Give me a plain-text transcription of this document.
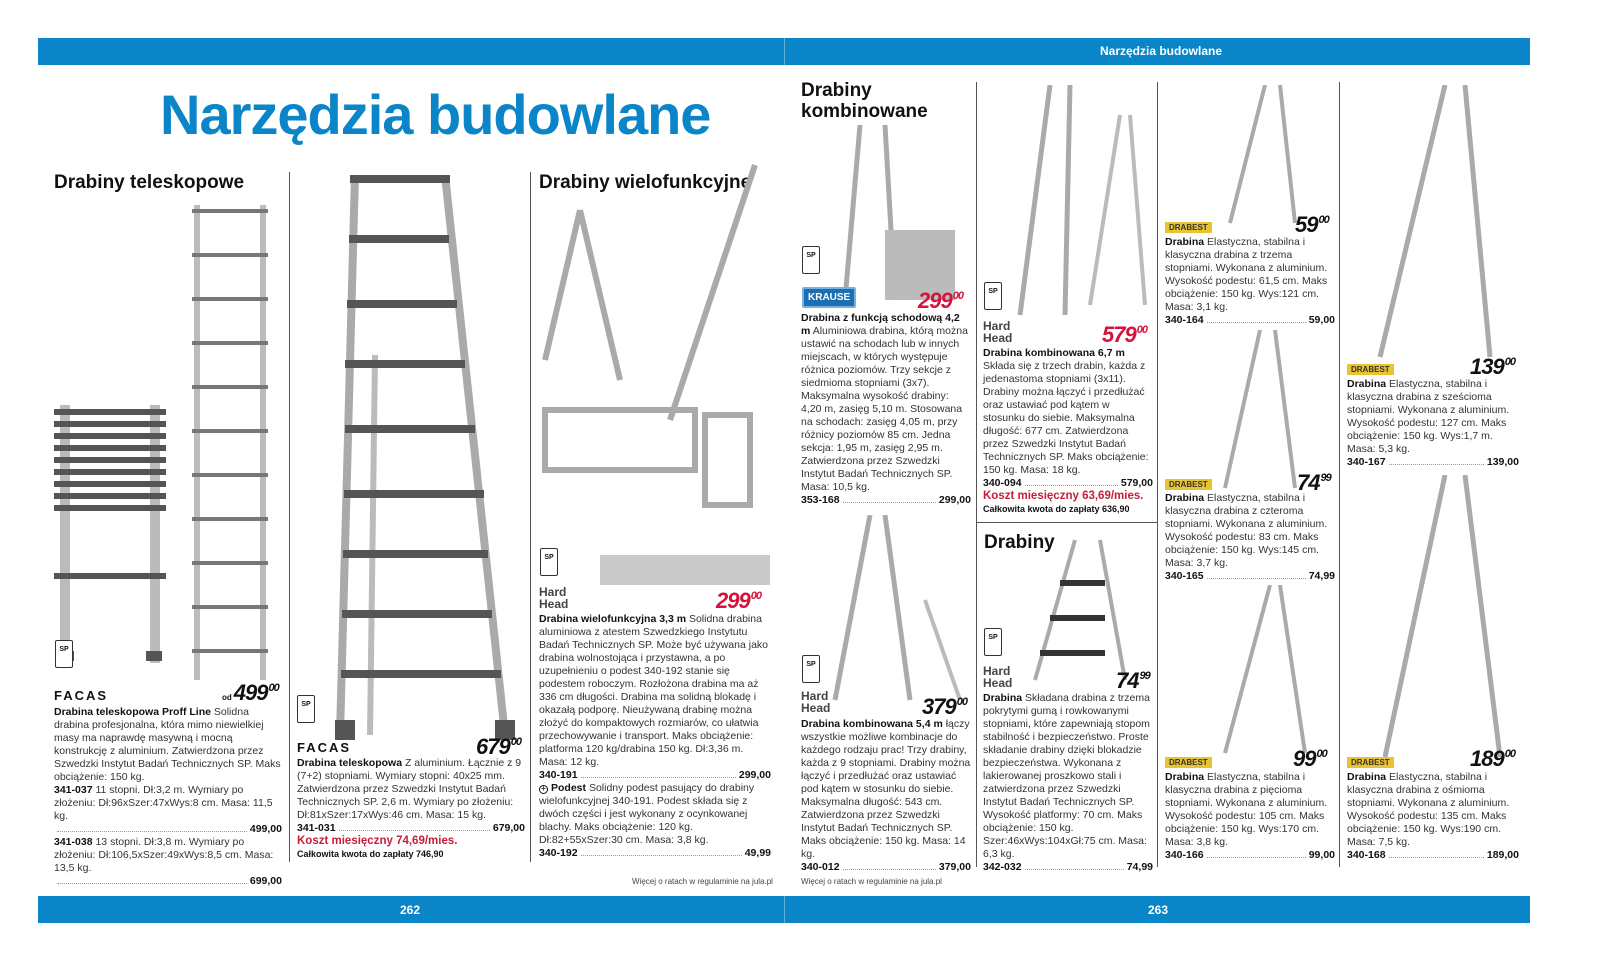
Narzędzia budowlane
Narzędzia budowlane
Drabiny teleskopowe	Drabiny wielofunkcyjne
Drabiny kombinowane
Drabiny
SP
SP
SP
SP
SP
SP
SP
FACAS	$od499^{00}$
Drabina teleskopowa Proff Line Solidna drabina profesjonalna, która mimo niewielkiej masy ma naprawdę masywną i mocną konstrukcję z aluminium. Zatwierdzona przez Szwedzki Instytut Badań Technicznych SP. Maks obciążenie: 150 kg.
341-037 11 stopni. Dł:3,2 m. Wymiary po złożeniu: Dł:96xSzer:47xWys:8 cm. Masa: 11,5 kg.
499,00
341-038 13 stopni. Dł:3,8 m. Wymiary po złożeniu: Dł:106,5xSzer:49xWys:8,5 cm. Masa: 13,5 kg.
699,00
FACAS	$679^{00}$
Drabina teleskopowa Z aluminium. Łącznie z 9 (7+2) stopniami. Wymiary stopni: 40x25 mm. Zatwierdzona przez Szwedzki Instytut Badań Technicznych SP. 2,6 m. Wymiary po złożeniu: Dł:81xSzer:17xWys:46 cm. Masa: 15 kg.
341-031	679,00
Koszt miesięczny 74,69/mies.
Całkowita kwota do zapłaty 746,90
Hard Head	$299^{00}$
Drabina wielofunkcyjna 3,3 m Solidna drabina aluminiowa z atestem Szwedzkiego Instytutu Badań Technicznych SP. Może być używana jako drabina wolnostojąca i przystawna, a po uzupełnieniu o podest 340-192 stanie się podestem roboczym. Rozłożona drabina ma aż 336 cm długości. Drabina ma solidną blokadę i okazałą podporę. Nieużywaną drabinę można złożyć do kompaktowych rozmiarów, co ułatwia przechowywanie i transport. Maks obciążenie: platforma 120 kg/drabina 150 kg. Dł:3,36 m. Masa: 12 kg.
340-191	299,00
+ Podest Solidny podest pasujący do drabiny wielofunkcyjnej 340-191. Podest składa się z dwóch części i jest wykonany z ocynkowanej blachy. Maks obciążenie: 120 kg. Dł:82+55xSzer:30 cm. Masa: 3,8 kg.
340-192	49,99
KRAUSE	$299^{00}$
Drabina z funkcją schodową 4,2 m Aluminiowa drabina, którą można ustawić na schodach lub w innych miejscach, w których występuje różnica poziomów. Trzy sekcje z siedmioma stopniami (3x7). Maksymalna wysokość drabiny: 4,20 m, zasięg 5,10 m. Stosowana na schodach: zasięg 4,05 m, przy różnicy poziomów 85 cm. Jedna sekcja: 1,95 m, zasięg 2,95 m. Zatwierdzona przez Szwedzki Instytut Badań Technicznych SP. Masa: 10,5 kg.
353-168	299,00
Hard Head	$579^{00}$
Drabina kombinowana 6,7 m Składa się z trzech drabin, każda z jedenastoma stopniami (3x11). Drabiny można łączyć i przedłużać oraz ustawiać pod kątem w stosunku do siebie. Maksymalna długość: 677 cm. Zatwierdzona przez Szwedzki Instytut Badań Technicznych SP. Maks obciążenie: 150 kg. Masa: 18 kg.
340-094	579,00
Koszt miesięczny 63,69/mies.
Całkowita kwota do zapłaty 636,90
Hard Head	$379^{00}$
Drabina kombinowana 5,4 m łączy wszystkie możliwe kombinacje do każdego rodzaju prac! Trzy drabiny, każda z 9 stopniami. Drabiny można łączyć i przedłużać oraz ustawiać pod kątem w stosunku do siebie. Maksymalna długość: 543 cm. Zatwierdzona przez Szwedzki Instytut Badań Technicznych SP. Maks obciążenie: 150 kg. Masa: 14 kg.
340-012	379,00
Hard Head	$74^{99}$
Drabina Składana drabina z trzema pokrytymi gumą i rowkowanymi stopniami, które zapewniają stopom stabilność i bezpieczeństwo. Proste składanie drabiny dzięki blokadzie bezpieczeństwa. Wykonana z lakierowanej proszkowo stali i zatwierdzona przez Szwedzki Instytut Badań Technicznych SP. Wysokość platformy: 70 cm. Maks obciążenie: 150 kg. Szer:46xWys:104xGł:75 cm. Masa: 6,3 kg.
342-032	74,99
DRABEST	$59^{00}$
Drabina Elastyczna, stabilna i klasyczna drabina z trzema stopniami. Wykonana z aluminium. Wysokość podestu: 61,5 cm. Maks obciążenie: 150 kg. Wys:121 cm. Masa: 3,1 kg.
340-164	59,00
DRABEST	$74^{99}$
Drabina Elastyczna, stabilna i klasyczna drabina z czteroma stopniami. Wykonana z aluminium. Wysokość podestu: 83 cm. Maks obciążenie: 150 kg. Wys:145 cm. Masa: 3,7 kg.
340-165	74,99
DRABEST	$99^{00}$
Drabina Elastyczna, stabilna i klasyczna drabina z pięcioma stopniami. Wykonana z aluminium. Wysokość podestu: 105 cm. Maks obciążenie: 150 kg. Wys:170 cm. Masa: 3,8 kg.
340-166	99,00
DRABEST	$139^{00}$
Drabina Elastyczna, stabilna i klasyczna drabina z sześcioma stopniami. Wykonana z aluminium. Wysokość podestu: 127 cm. Maks obciążenie: 150 kg. Wys:1,7 m. Masa: 5,3 kg.
340-167	139,00
DRABEST	$189^{00}$
Drabina Elastyczna, stabilna i klasyczna drabina z ośmioma stopniami. Wykonana z aluminium. Wysokość podestu: 135 cm. Maks obciążenie: 150 kg. Wys:190 cm. Masa: 7,5 kg.
340-168	189,00
Więcej o ratach w regulaminie na jula.pl	Więcej o ratach w regulaminie na jula.pl
262	263
